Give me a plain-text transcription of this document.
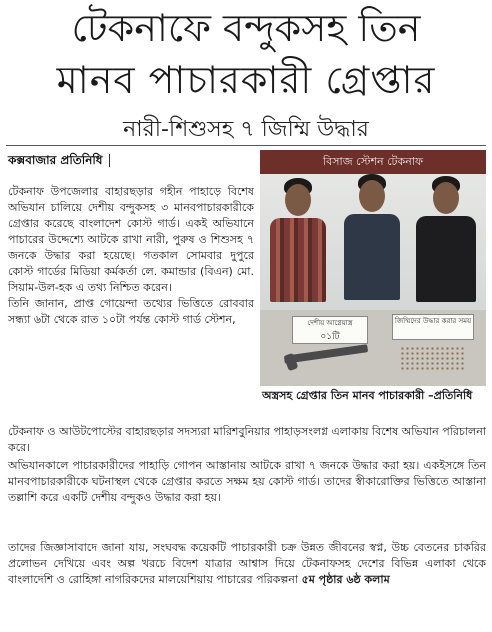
টেকনাফে বন্দুকসহ তিন
মানব পাচারকারী গ্রেপ্তার
নারী-শিশুসহ ৭ জিম্মি উদ্ধার
কক্সবাজার প্রতিনিধি

টেকনাফ উপজেলার বাহারছড়ার গহীন পাহাড়ে বিশেষ অভিযান চালিয়ে দেশীয় বন্দুকসহ ৩ মানবপাচারকারীকে গ্রেপ্তার করেছে বাংলাদেশ কোস্ট গার্ড। একই অভিযানে পাচারের উদ্দেশ্যে আটকে রাখা নারী, পুরুষ ও শিশুসহ ৭ জনকে উদ্ধার করা হয়েছে। গতকাল সোমবার দুপুরে কোস্ট গার্ডের মিডিয়া কর্মকর্তা লে. কমান্ডার (বিএন) মো. সিয়াম-উল-হক এ তথ্য নিশ্চিত করেন।

তিনি জানান, প্রাপ্ত গোয়েন্দা তথ্যের ভিত্তিতে রোববার সন্ধ্যা ৬টা থেকে রাত ১০টা পর্যন্ত কোস্ট গার্ড স্টেশন,

বিসাজ স্টেশন টেকনাফ
দেশীয় আগ্নেয়াস্ত্র
০১টি
জিম্মিদের উদ্ধার করার সময়
অস্ত্রসহ গ্রেপ্তার তিন মানব পাচারকারী –প্রতিনিধি

টেকনাফ ও আউটপোস্টের বাহারছড়ার সদস্যরা মারিশবুনিয়ার পাহাড়সংলগ্ন এলাকায় বিশেষ অভিযান পরিচালনা করে।

অভিযানকালে পাচারকারীদের পাহাড়ি গোপন আস্তানায় আটকে রাখা ৭ জনকে উদ্ধার করা হয়। একইসঙ্গে তিন মানবপাচারকারীকে ঘটনাস্থল থেকে গ্রেপ্তার করতে সক্ষম হয় কোস্ট গার্ড। তাদের স্বীকারোক্তির ভিত্তিতে আস্তানা তল্লাশি করে একটি দেশীয় বন্দুকও উদ্ধার করা হয়।

তাদের জিজ্ঞাসাবাদে জানা যায়, সংঘবদ্ধ কয়েকটি পাচারকারী চক্র উন্নত জীবনের স্বপ্ন, উচ্চ বেতনের চাকরির প্রলোভন দেখিয়ে এবং অল্প খরচে বিদেশ যাত্রার আশ্বাস দিয়ে টেকনাফসহ দেশের বিভিন্ন এলাকা থেকে বাংলাদেশি ও রোহিঙ্গা নাগরিকদের মালয়েশিয়ায় পাচারের পরিকল্পনা ৫ম পৃষ্ঠার ৬ষ্ঠ কলাম
